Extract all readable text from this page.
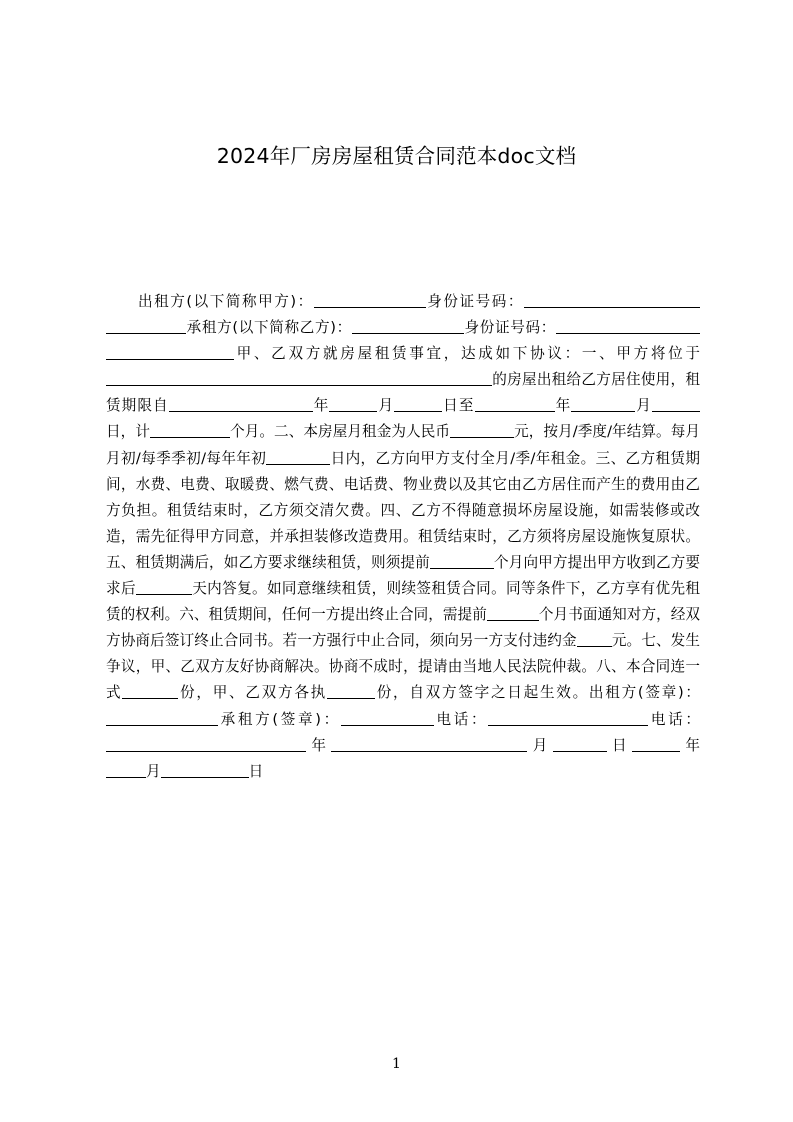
2024年厂房房屋租赁合同范本doc文档
出租方(以下简称甲方)：	身份证号码：承租方(以下简称乙方)：	身份证号码：甲、乙双方就房屋租赁事宜，达成如下协议：一、甲方将位于的房屋出租给乙方居住使用，租赁期限自	年	月	日至	年	月日，计	个月。二、本房屋月租金为人民币	元，按月/季度/年结算。每月月初/每季季初/每年年初	日内，乙方向甲方支付全月/季/年租金。三、乙方租赁期间，水费、电费、取暖费、燃气费、电话费、物业费以及其它由乙方居住而产生的费用由乙方负担。租赁结束时，乙方须交清欠费。四、乙方不得随意损坏房屋设施，如需装修或改造，需先征得甲方同意，并承担装修改造费用。租赁结束时，乙方须将房屋设施恢复原状。五、租赁期满后，如乙方要求继续租赁，则须提前	个月向甲方提出甲方收到乙方要求后	天内答复。如同意继续租赁，则续签租赁合同。同等条件下，乙方享有优先租赁的权利。六、租赁期间，任何一方提出终止合同，需提前	个月书面通知对方，经双方协商后签订终止合同书。若一方强行中止合同，须向另一方支付违约金 元。七、发生争议，甲、乙双方友好协商解决。协商不成时，提请由当地人民法院仲裁。八、本合同连一式	份，甲、乙双方各执	份，自双方签字之日起生效。出租方(签章)：承租方(签章)：	电话：	电话：年	月	日	年月	日
1
